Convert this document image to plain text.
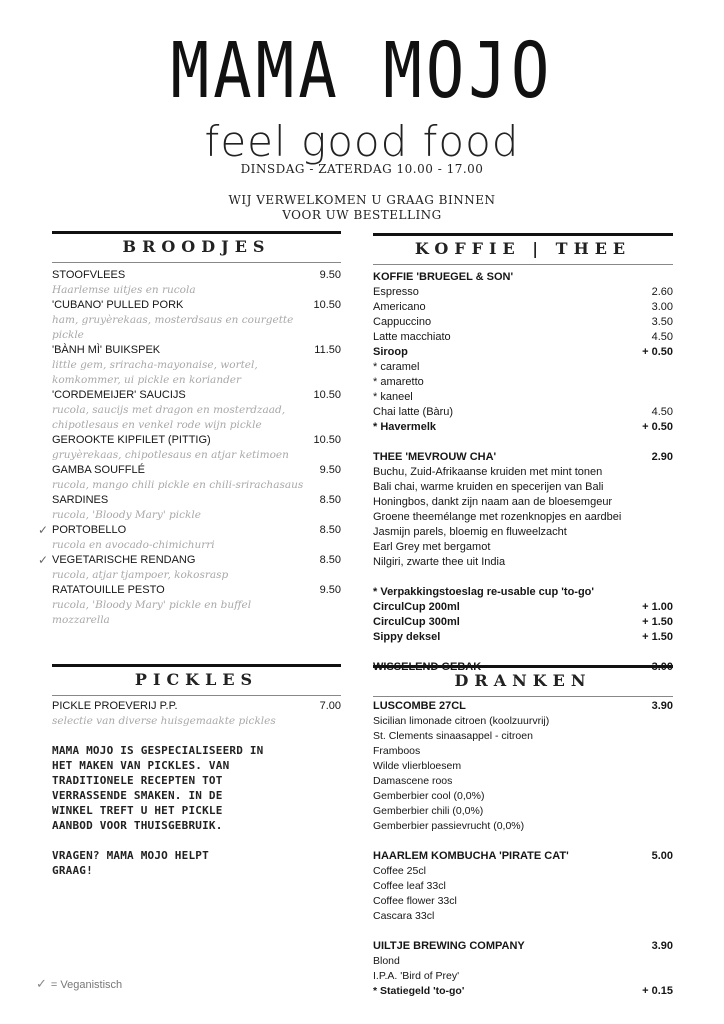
MAMA MOJO
feel good food
DINSDAG - ZATERDAG 10.00 - 17.00
WIJ VERWELKOMEN U GRAAG BINNEN
VOOR UW BESTELLING
BROODJES	KOFFIE | THEE
PICKLES	DRANKEN
STOOFVLEES	9.50
Haarlemse uitjes en rucola
'CUBANO' PULLED PORK	10.50
ham, gruyèrekaas, mosterdsaus en courgette
pickle
'BÀNH MÌ' BUIKSPEK	11.50
little gem, sriracha-mayonaise, wortel,
komkommer, ui pickle en koriander
'CORDEMEIJER' SAUCIJS	10.50
rucola, saucijs met dragon en mosterdzaad,
chipotlesaus en venkel rode wijn pickle
GEROOKTE KIPFILET (PITTIG)	10.50
gruyèrekaas, chipotlesaus en atjar ketimoen
GAMBA SOUFFLÉ	9.50
rucola, mango chili pickle en chili-srirachasaus
SARDINES	8.50
rucola, 'Bloody Mary' pickle
PORTOBELLO	8.50
✓
rucola en avocado-chimichurri
VEGETARISCHE RENDANG	8.50
✓
rucola, atjar tjampoer, kokosrasp
RATATOUILLE PESTO	9.50
rucola, 'Bloody Mary' pickle en buffel
mozzarella
KOFFIE 'BRUEGEL & SON'
Espresso	2.60
Americano	3.00
Cappuccino	3.50
Latte macchiato	4.50
Siroop	+ 0.50
* caramel
* amaretto
* kaneel
Chai latte (Bàru)	4.50
* Havermelk	+ 0.50
THEE 'MEVROUW CHA'	2.90
Buchu, Zuid-Afrikaanse kruiden met mint tonen
Bali chai, warme kruiden en specerijen van Bali
Honingbos, dankt zijn naam aan de bloesemgeur
Groene theemélange met rozenknopjes en aardbei
Jasmijn parels, bloemig en fluweelzacht
Earl Grey met bergamot
Nilgiri, zwarte thee uit India
* Verpakkingstoeslag re-usable cup 'to-go'
CirculCup 200ml	+ 1.00
CirculCup 300ml	+ 1.50
Sippy deksel	+ 1.50
WISSELEND GEBAK	3.00
PICKLE PROEVERIJ P.P.	7.00
selectie van diverse huisgemaakte pickles
MAMA MOJO IS GESPECIALISEERD IN
HET MAKEN VAN PICKLES. VAN
TRADITIONELE RECEPTEN TOT
VERRASSENDE SMAKEN. IN DE
WINKEL TREFT U HET PICKLE
AANBOD VOOR THUISGEBRUIK.
VRAGEN? MAMA MOJO HELPT
GRAAG!
LUSCOMBE 27CL	3.90
Sicilian limonade citroen (koolzuurvrij)
St. Clements sinaasappel - citroen
Framboos
Wilde vlierbloesem
Damascene roos
Gemberbier cool (0,0%)
Gemberbier chili (0,0%)
Gemberbier passievrucht (0,0%)
HAARLEM KOMBUCHA 'PIRATE CAT'	5.00
Coffee 25cl
Coffee leaf 33cl
Coffee flower 33cl
Cascara 33cl
UILTJE BREWING COMPANY	3.90
Blond
I.P.A. 'Bird of Prey'
* Statiegeld 'to-go'	+ 0.15
✓ = Veganistisch
